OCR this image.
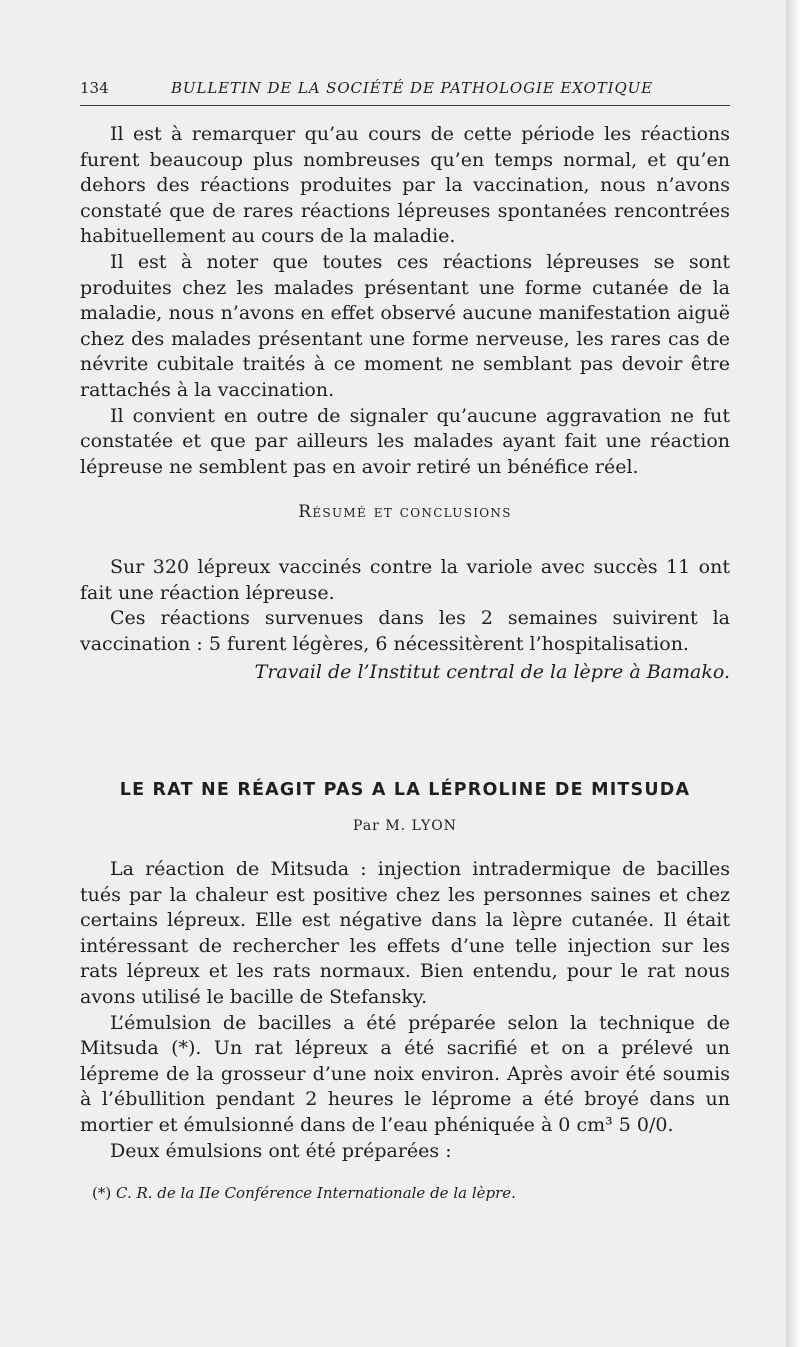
134	BULLETIN DE LA SOCIÉTÉ DE PATHOLOGIE EXOTIQUE

Il est à remarquer qu’au cours de cette période les réactions furent beaucoup plus nombreuses qu’en temps normal, et qu’en dehors des réactions produites par la vaccination, nous n’avons constaté que de rares réactions lépreuses spontanées rencontrées habituellement au cours de la maladie.

Il est à noter que toutes ces réactions lépreuses se sont produites chez les malades présentant une forme cutanée de la maladie, nous n’avons en effet observé aucune manifestation aiguë chez des malades présentant une forme nerveuse, les rares cas de névrite cubitale traités à ce moment ne semblant pas devoir être rattachés à la vaccination.

Il convient en outre de signaler qu’aucune aggravation ne fut constatée et que par ailleurs les malades ayant fait une réaction lépreuse ne semblent pas en avoir retiré un bénéfice réel.

Résumé et conclusions

Sur 320 lépreux vaccinés contre la variole avec succès 11 ont fait une réaction lépreuse.

Ces réactions survenues dans les 2 semaines suivirent la vaccination : 5 furent légères, 6 nécessitèrent l’hospitalisation.

Travail de l’Institut central de la lèpre à Bamako.
LE RAT NE RÉAGIT PAS A LA LÉPROLINE DE MITSUDA
Par M. LYON

La réaction de Mitsuda : injection intradermique de bacilles tués par la chaleur est positive chez les personnes saines et chez certains lépreux. Elle est négative dans la lèpre cutanée. Il était intéressant de rechercher les effets d’une telle injection sur les rats lépreux et les rats normaux. Bien entendu, pour le rat nous avons utilisé le bacille de Stefansky.

L’émulsion de bacilles a été préparée selon la technique de Mitsuda (*). Un rat lépreux a été sacrifié et on a prélevé un lépreme de la grosseur d’une noix environ. Après avoir été soumis à l’ébullition pendant 2 heures le léprome a été broyé dans un mortier et émulsionné dans de l’eau phéniquée à 0 cm³ 5 0/0.

Deux émulsions ont été préparées :

(*) C. R. de la IIe Conférence Internationale de la lèpre.
